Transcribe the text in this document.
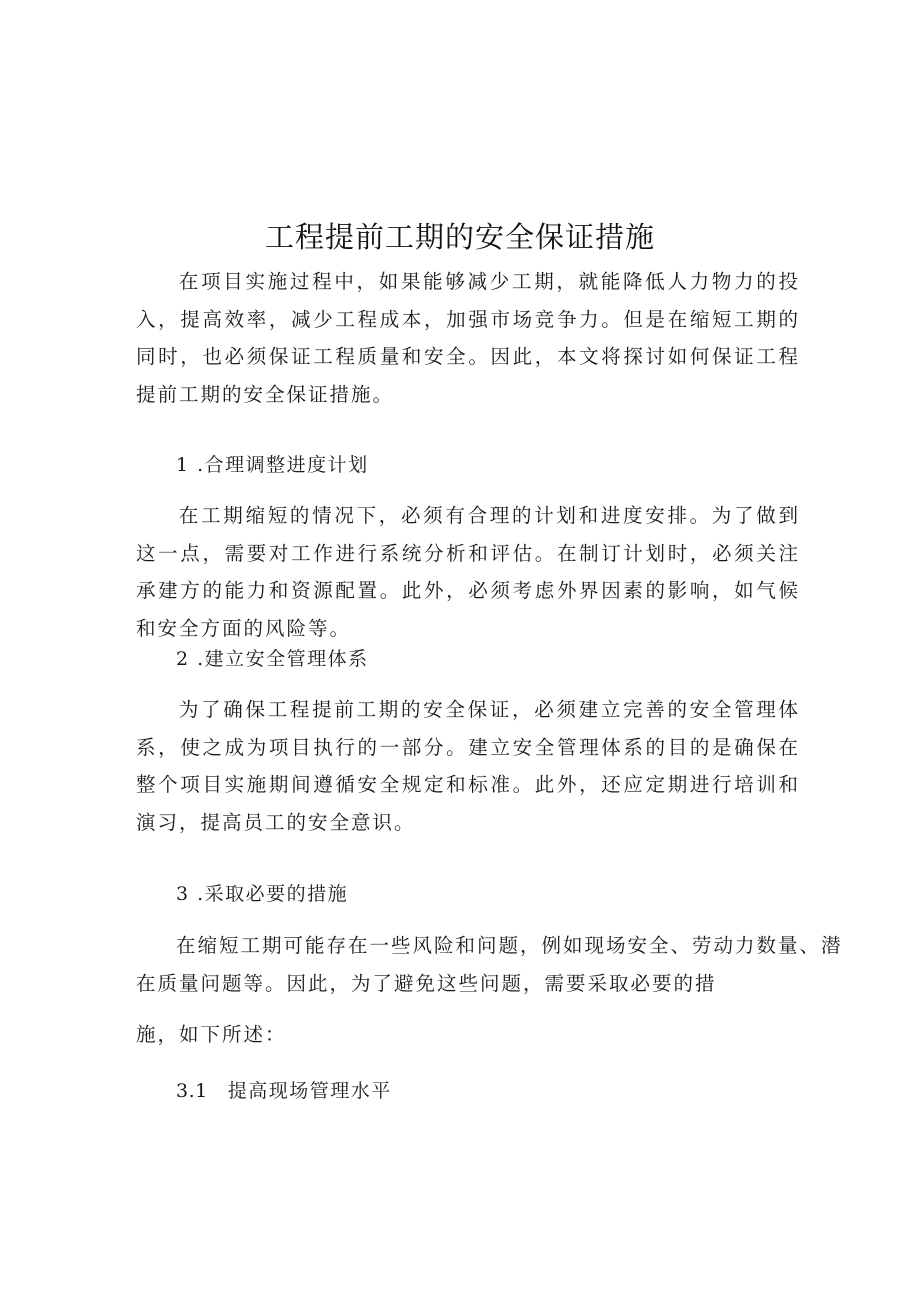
工程提前工期的安全保证措施

在项目实施过程中，如果能够减少工期，就能降低人力物力的投入，提高效率，减少工程成本，加强市场竞争力。但是在缩短工期的同时，也必须保证工程质量和安全。因此，本文将探讨如何保证工程提前工期的安全保证措施。

1 .合理调整进度计划

在工期缩短的情况下，必须有合理的计划和进度安排。为了做到这一点，需要对工作进行系统分析和评估。在制订计划时，必须关注承建方的能力和资源配置。此外，必须考虑外界因素的影响，如气候和安全方面的风险等。

2 .建立安全管理体系

为了确保工程提前工期的安全保证，必须建立完善的安全管理体系，使之成为项目执行的一部分。建立安全管理体系的目的是确保在整个项目实施期间遵循安全规定和标准。此外，还应定期进行培训和演习，提高员工的安全意识。

3 .采取必要的措施

在缩短工期可能存在一些风险和问题，例如现场安全、劳动力数量、潜

在质量问题等。因此，为了避免这些问题，需要采取必要的措

施，如下所述：

3.1 提高现场管理水平
